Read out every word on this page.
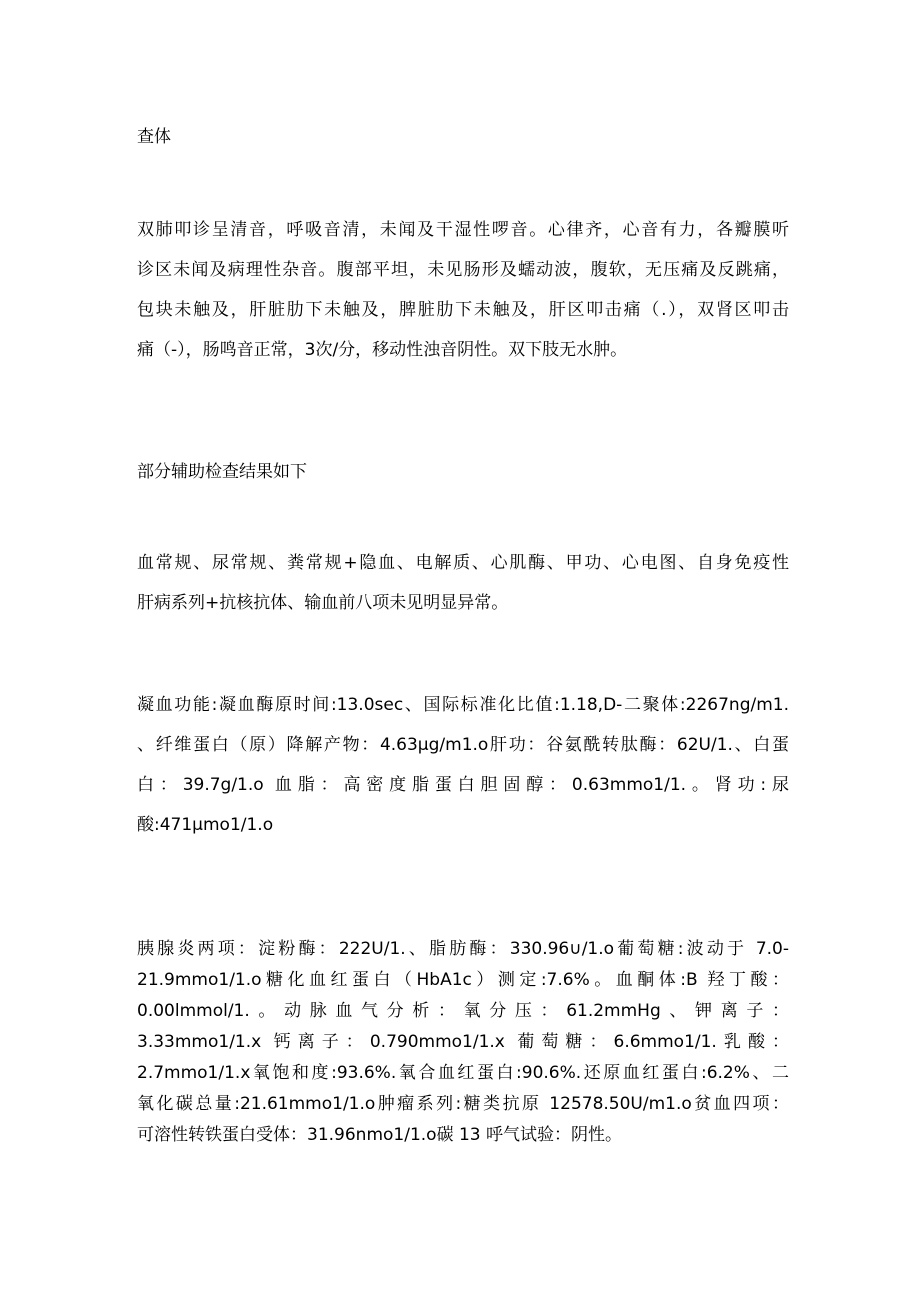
查体
双肺叩诊呈清音，呼吸音清，未闻及干湿性啰音。心律齐，心音有力，各瓣膜听
诊区未闻及病理性杂音。腹部平坦，未见肠形及蠕动波，腹软，无压痛及反跳痛，
包块未触及，肝脏肋下未触及，脾脏肋下未触及，肝区叩击痛（.），双肾区叩击
痛（-），肠鸣音正常，3次/分，移动性浊音阴性。双下肢无水肿。
部分辅助检查结果如下
血常规、尿常规、粪常规+隐血、电解质、心肌酶、甲功、心电图、自身免疫性
肝病系列+抗核抗体、输血前八项未见明显异常。
凝血功能:凝血酶原时间:13.0sec、国际标准化比值:1.18,D-二聚体:2267ng/m1.
、纤维蛋白（原）降解产物：4.63μg∕m1.o肝功：谷氨酰转肽酶：62U/1.、白蛋
白：39.7g∕1.o 血脂：高密度脂蛋白胆固醇：0.63mmo1∕1.。肾功:尿
酸:471μmo1∕1.o
胰腺炎两项：淀粉酶：222U/1.、脂肪酶：330.96∪∕1.o葡萄糖:波动于 7.0-
21.9mmo1∕1.o糖化血红蛋白（HbA1c）测定:7.6%。血酮体:B 羟丁酸：
0.00lmmol/1.。动脉血气分析：氧分压：61.2mmHg、钾离子：
3.33mmo1∕1.x 钙离子：0.790mmo1∕1.x 葡萄糖：6.6mmo1∕1.乳酸：
2.7mmo1∕1.x氧饱和度:93.6%.氧合血红蛋白:90.6%.还原血红蛋白:6.2%、二
氧化碳总量:21.61mmo1∕1.o肿瘤系列:糖类抗原 12578.50U∕m1.o贫血四项：
可溶性转铁蛋白受体：31.96nmo1∕1.o碳 13 呼气试验：阴性。
